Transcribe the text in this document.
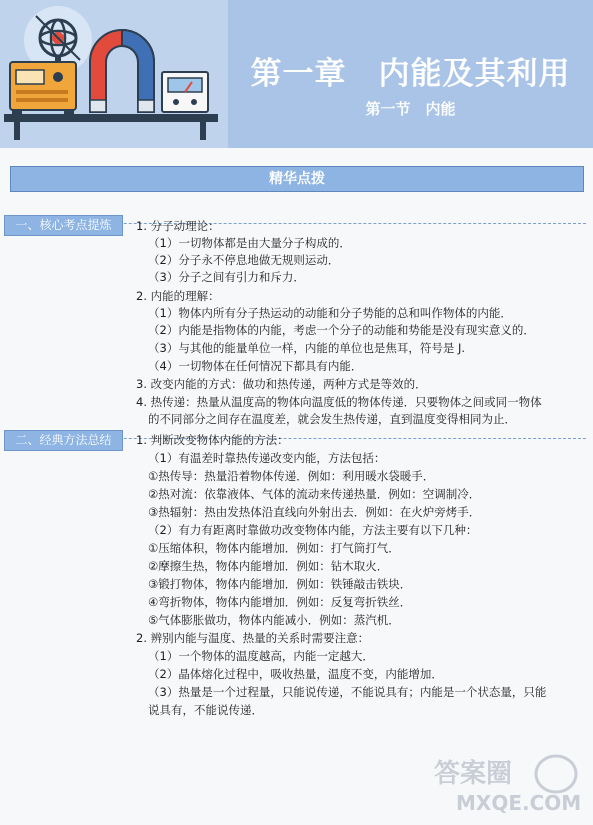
第一章　内能及其利用
第一节　内能
精华点拨
一、核心考点提炼	1. 分子动理论：
（1）一切物体都是由大量分子构成的．
（2）分子永不停息地做无规则运动．
（3）分子之间有引力和斥力．
2. 内能的理解：
（1）物体内所有分子热运动的动能和分子势能的总和叫作物体的内能．
（2）内能是指物体的内能，考虑一个分子的动能和势能是没有现实意义的．
（3）与其他的能量单位一样，内能的单位也是焦耳，符号是 J.
（4）一切物体在任何情况下都具有内能．
3. 改变内能的方式：做功和热传递，两种方式是等效的．
4. 热传递：热量从温度高的物体向温度低的物体传递．只要物体之间或同一物体
的不同部分之间存在温度差，就会发生热传递，直到温度变得相同为止．
二、经典方法总结	1. 判断改变物体内能的方法：
（1）有温差时靠热传递改变内能，方法包括：
①热传导：热量沿着物体传递．例如：利用暖水袋暖手．
②热对流：依靠液体、气体的流动来传递热量．例如：空调制冷．
③热辐射：热由发热体沿直线向外射出去．例如：在火炉旁烤手．
（2）有力有距离时靠做功改变物体内能，方法主要有以下几种：
①压缩体积，物体内能增加．例如：打气筒打气．
②摩擦生热，物体内能增加．例如：钻木取火．
③锻打物体，物体内能增加．例如：铁锤敲击铁块．
④弯折物体，物体内能增加．例如：反复弯折铁丝．
⑤气体膨胀做功，物体内能减小．例如：蒸汽机．
2. 辨别内能与温度、热量的关系时需要注意：
（1）一个物体的温度越高，内能一定越大．
（2）晶体熔化过程中，吸收热量，温度不变，内能增加．
（3）热量是一个过程量，只能说传递，不能说具有；内能是一个状态量，只能
说具有，不能说传递．
答案圈
MXQE.COM
